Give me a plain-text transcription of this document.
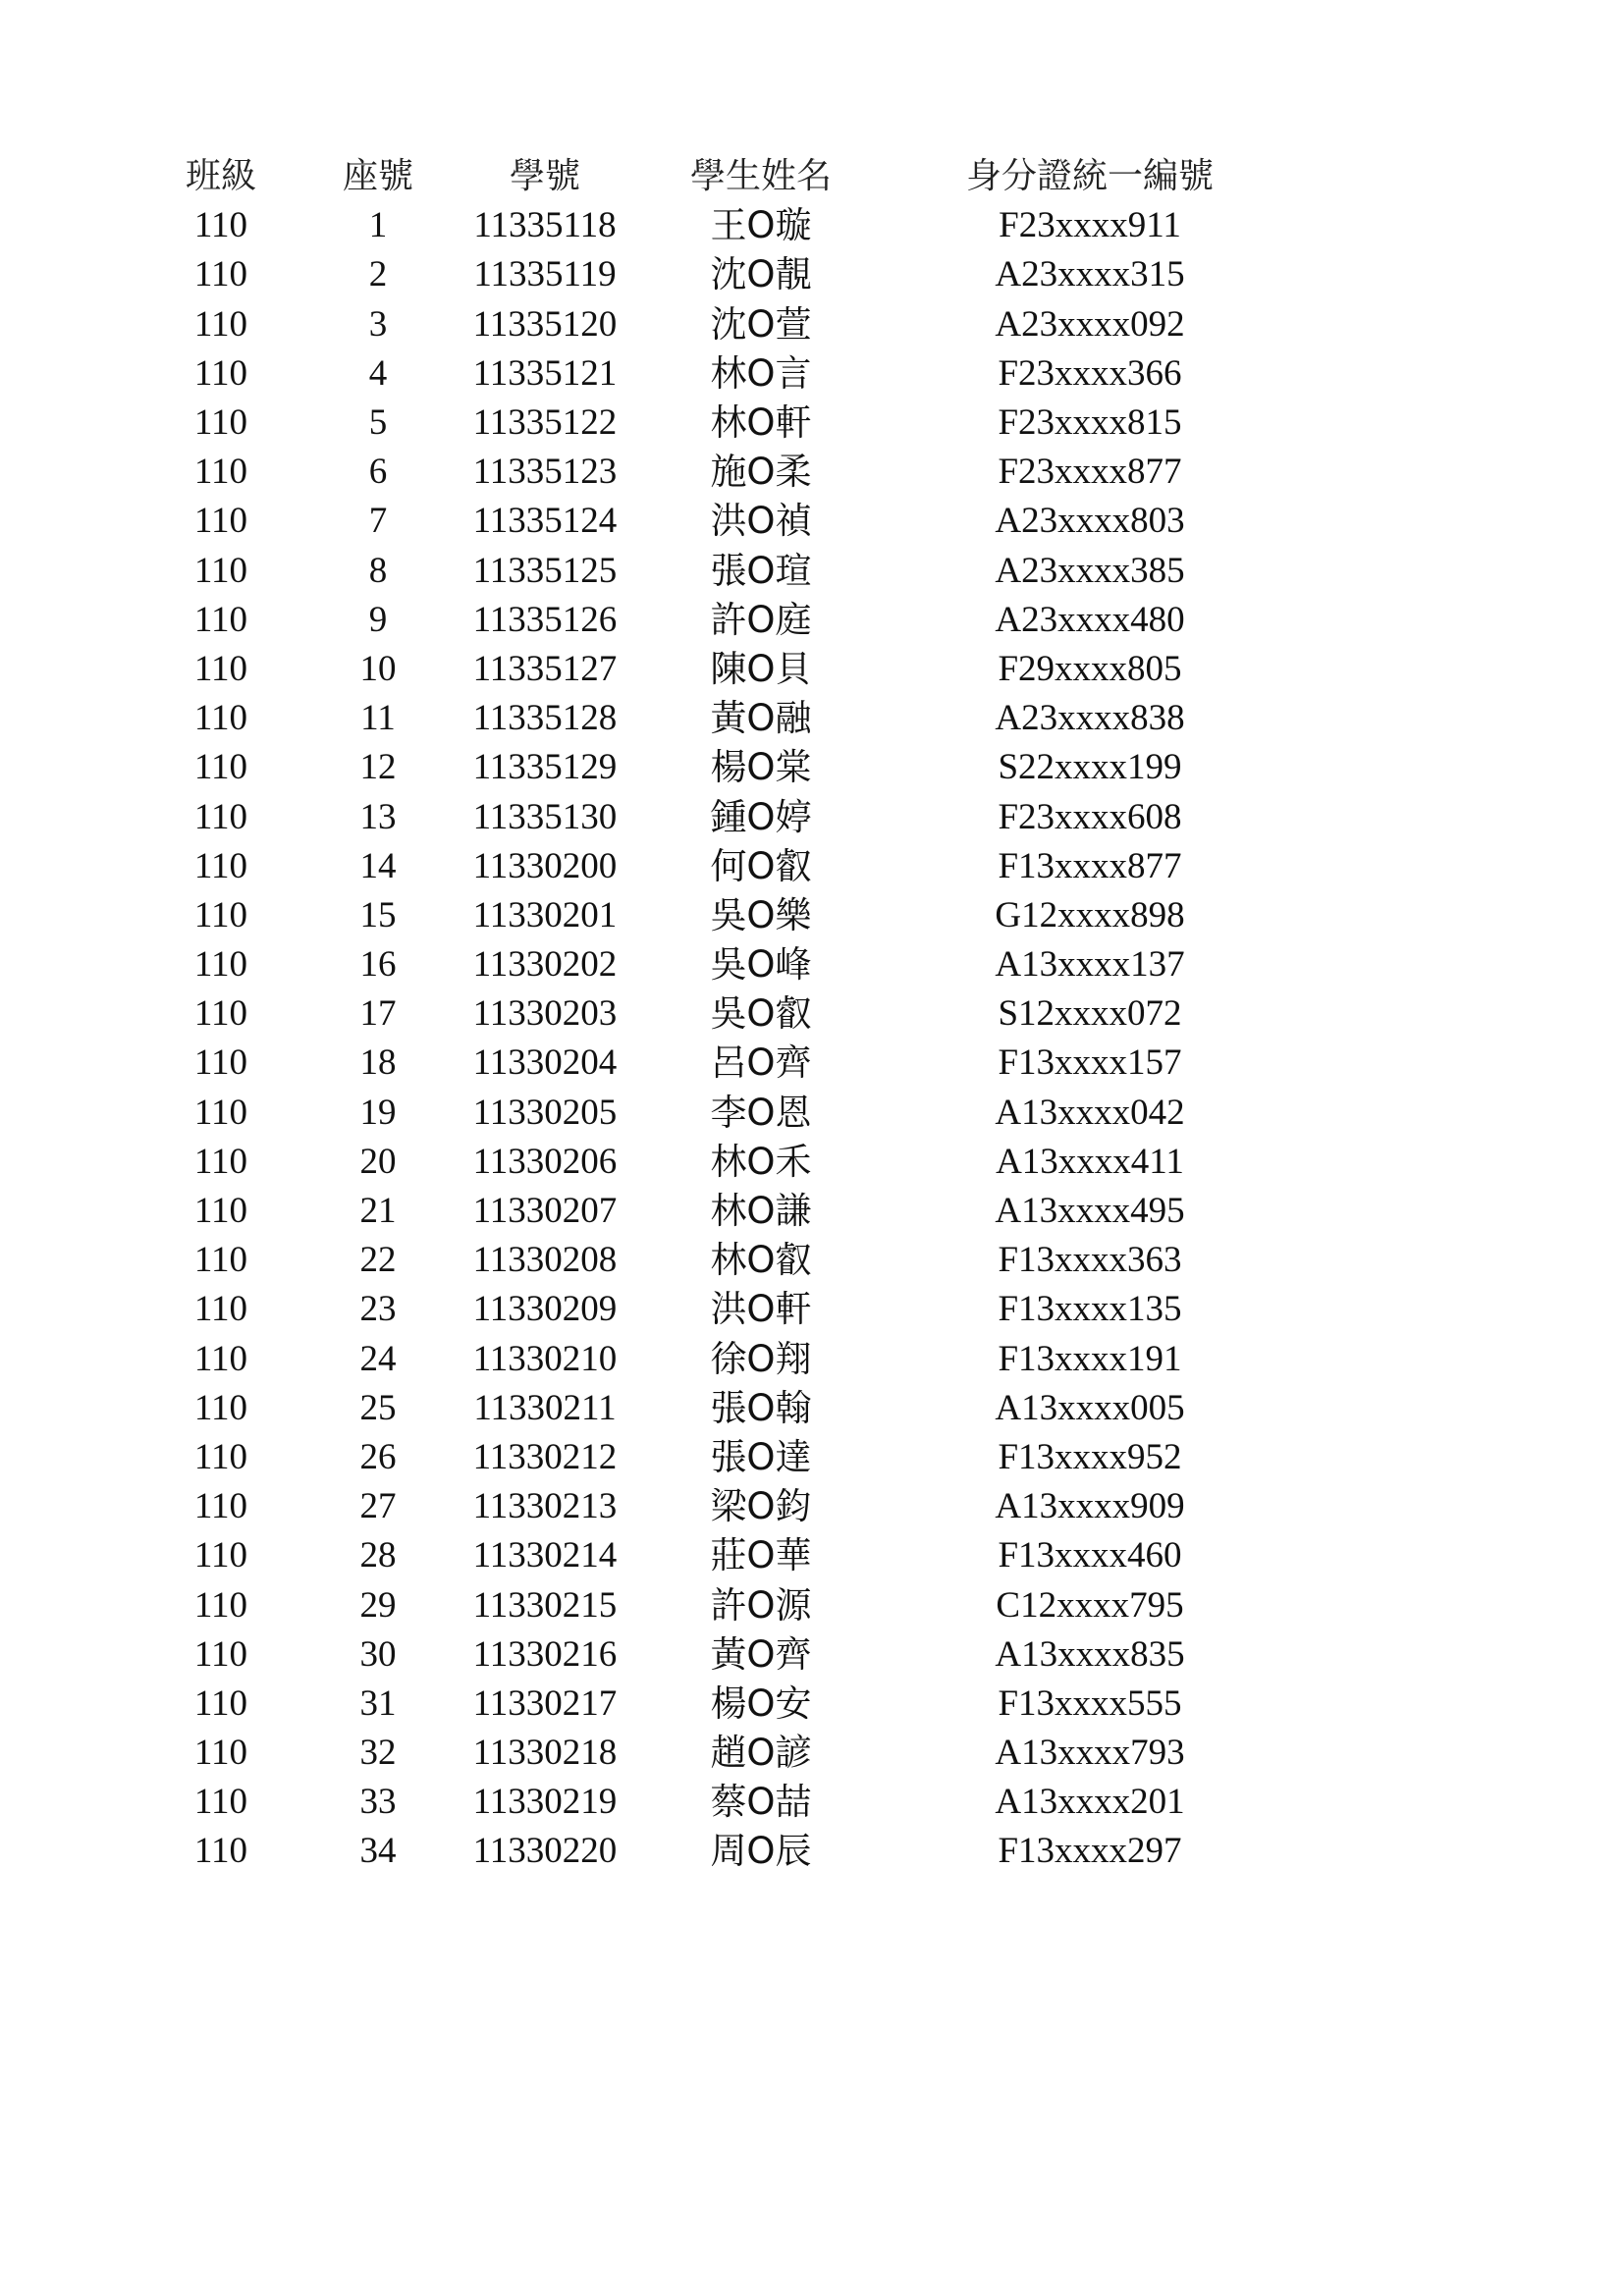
班級	座號	學號	學生姓名	身分證統一編號
110	1	11335118	王O璇	F23xxxx911
110	2	11335119	沈O靚	A23xxxx315
110	3	11335120	沈O萱	A23xxxx092
110	4	11335121	林O言	F23xxxx366
110	5	11335122	林O軒	F23xxxx815
110	6	11335123	施O柔	F23xxxx877
110	7	11335124	洪O禎	A23xxxx803
110	8	11335125	張O瑄	A23xxxx385
110	9	11335126	許O庭	A23xxxx480
110	10	11335127	陳O貝	F29xxxx805
110	11	11335128	黃O融	A23xxxx838
110	12	11335129	楊O棠	S22xxxx199
110	13	11335130	鍾O婷	F23xxxx608
110	14	11330200	何O叡	F13xxxx877
110	15	11330201	吳O樂	G12xxxx898
110	16	11330202	吳O峰	A13xxxx137
110	17	11330203	吳O叡	S12xxxx072
110	18	11330204	呂O齊	F13xxxx157
110	19	11330205	李O恩	A13xxxx042
110	20	11330206	林O禾	A13xxxx411
110	21	11330207	林O謙	A13xxxx495
110	22	11330208	林O叡	F13xxxx363
110	23	11330209	洪O軒	F13xxxx135
110	24	11330210	徐O翔	F13xxxx191
110	25	11330211	張O翰	A13xxxx005
110	26	11330212	張O達	F13xxxx952
110	27	11330213	梁O鈞	A13xxxx909
110	28	11330214	莊O華	F13xxxx460
110	29	11330215	許O源	C12xxxx795
110	30	11330216	黃O齊	A13xxxx835
110	31	11330217	楊O安	F13xxxx555
110	32	11330218	趙O諺	A13xxxx793
110	33	11330219	蔡O喆	A13xxxx201
110	34	11330220	周O辰	F13xxxx297
